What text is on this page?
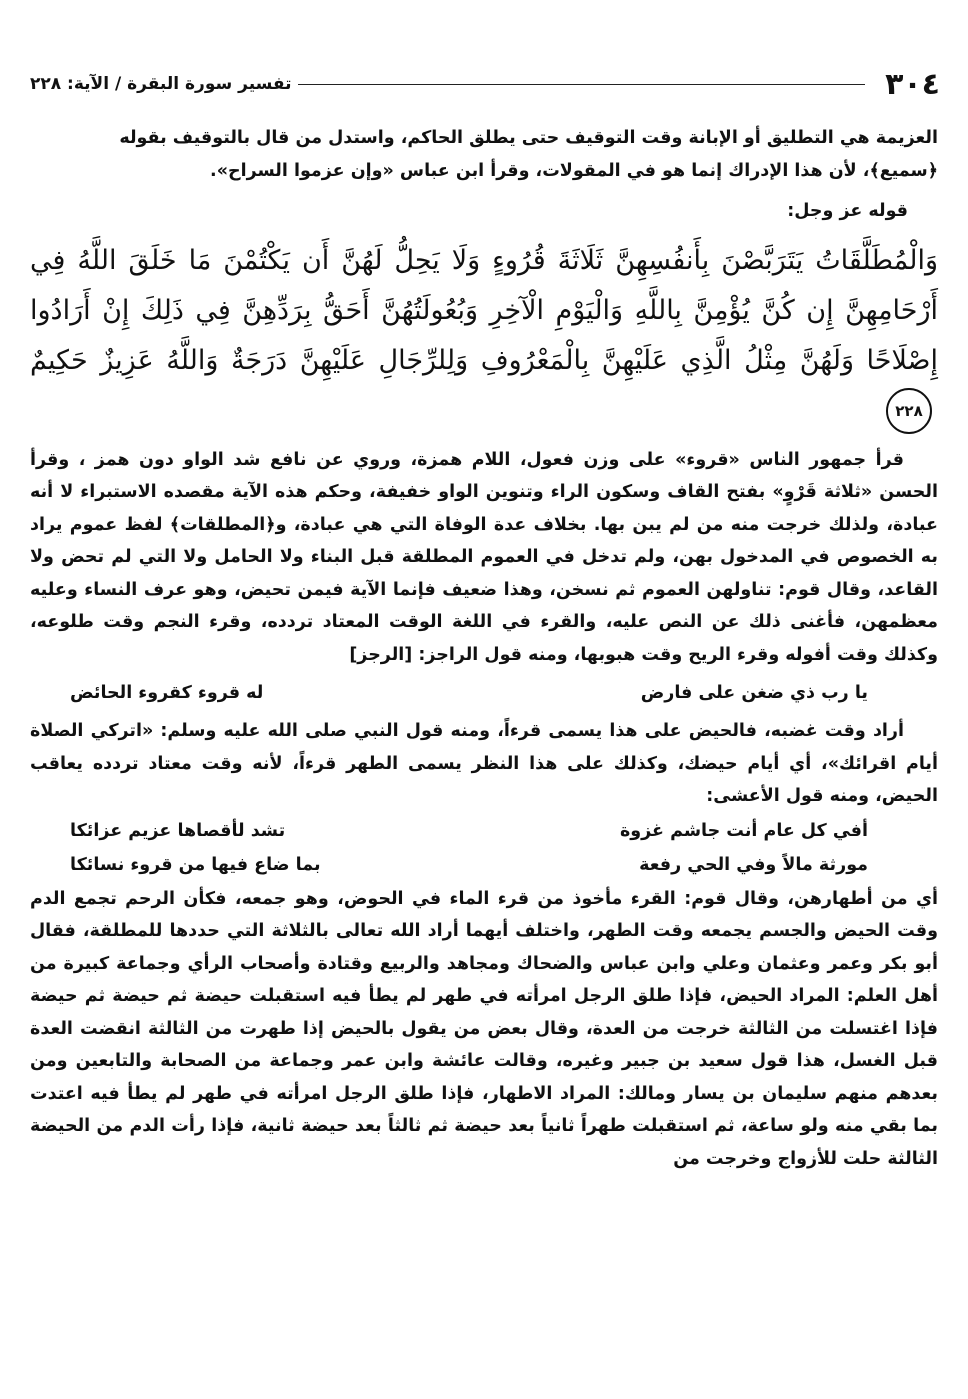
٣٠٤
تفسير سورة البقرة / الآية: ٢٢٨

العزيمة هي التطليق أو الإبانة وقت التوقيف حتى يطلق الحاكم، واستدل من قال بالتوقيف بقوله

﴿سميع﴾، لأن هذا الإدراك إنما هو في المقولات، وقرأ ابن عباس «وإن عزموا السراح».

قوله عز وجل:

وَالْمُطَلَّقَاتُ يَتَرَبَّصْنَ بِأَنفُسِهِنَّ ثَلَاثَةَ قُرُوءٍ وَلَا يَحِلُّ لَهُنَّ أَن يَكْتُمْنَ مَا خَلَقَ اللَّهُ فِي أَرْحَامِهِنَّ إِن كُنَّ يُؤْمِنَّ بِاللَّهِ وَالْيَوْمِ الْآخِرِ وَبُعُولَتُهُنَّ أَحَقُّ بِرَدِّهِنَّ فِي ذَلِكَ إِنْ أَرَادُوا إِصْلَاحًا وَلَهُنَّ مِثْلُ الَّذِي عَلَيْهِنَّ بِالْمَعْرُوفِ وَلِلرِّجَالِ عَلَيْهِنَّ دَرَجَةٌ وَاللَّهُ عَزِيزٌ حَكِيمٌ٢٢٨

قرأ جمهور الناس «قروء» على وزن فعول، اللام همزة، وروي عن نافع شد الواو دون همز ، وقرأ الحسن «ثلاثة قَرْوٍ» بفتح القاف وسكون الراء وتنوين الواو خفيفة، وحكم هذه الآية مقصده الاستبراء لا أنه عبادة، ولذلك خرجت منه من لم يبن بها. بخلاف عدة الوفاة التي هي عبادة، و﴿المطلقات﴾ لفظ عموم يراد به الخصوص في المدخول بهن، ولم تدخل في العموم المطلقة قبل البناء ولا الحامل ولا التي لم تحض ولا القاعد، وقال قوم: تناولهن العموم ثم نسخن، وهذا ضعيف فإنما الآية فيمن تحيض، وهو عرف النساء وعليه معظمهن، فأغنى ذلك عن النص عليه، والقرء في اللغة الوقت المعتاد تردده، وقرء النجم وقت طلوعه، وكذلك وقت أفوله وقرء الريح وقت هبوبها، ومنه قول الراجز: [الرجز]

يا رب ذي ضغن على فارض
له قروء كقروء الحائض

أراد وقت غضبه، فالحيض على هذا يسمى قرءاً، ومنه قول النبي صلى الله عليه وسلم: «اتركي الصلاة أيام اقرائك»، أي أيام حيضك، وكذلك على هذا النظر يسمى الطهر قرءاً، لأنه وقت معتاد تردده يعاقب الحيض، ومنه قول الأعشى:

أفي كل عام أنت جاشم غزوة
تشد لأقصاها عزيم عزائكا
مورثة مالاً وفي الحي رفعة
بما ضاع فيها من قروء نسائكا

أي من أطهارهن، وقال قوم: القرء مأخوذ من قرء الماء في الحوض، وهو جمعه، فكأن الرحم تجمع الدم وقت الحيض والجسم يجمعه وقت الطهر، واختلف أيهما أراد الله تعالى بالثلاثة التي حددها للمطلقة، فقال أبو بكر وعمر وعثمان وعلي وابن عباس والضحاك ومجاهد والربيع وقتادة وأصحاب الرأي وجماعة كبيرة من أهل العلم: المراد الحيض، فإذا طلق الرجل امرأته في طهر لم يطأ فيه استقبلت حيضة ثم حيضة ثم حيضة فإذا اغتسلت من الثالثة خرجت من العدة، وقال بعض من يقول بالحيض إذا طهرت من الثالثة انقضت العدة قبل الغسل، هذا قول سعيد بن جبير وغيره، وقالت عائشة وابن عمر وجماعة من الصحابة والتابعين ومن بعدهم منهم سليمان بن يسار ومالك: المراد الاطهار، فإذا طلق الرجل امرأته في طهر لم يطأ فيه اعتدت بما بقي منه ولو ساعة، ثم استقبلت طهراً ثانياً بعد حيضة ثم ثالثاً بعد حيضة ثانية، فإذا رأت الدم من الحيضة الثالثة حلت للأزواج وخرجت من
